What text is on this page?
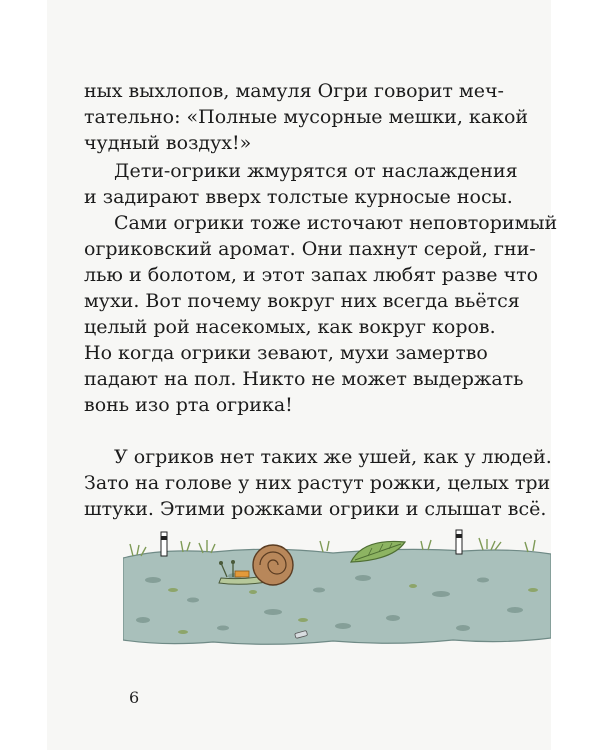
ных выхлопов, мамуля Огри говорит меч-
тательно: «Полные мусорные мешки, какой
чудный воздух!»
Дети-огрики жмурятся от наслаждения
и задирают вверх толстые курносые носы.
Сами огрики тоже источают неповторимый
огриковский аромат. Они пахнут серой, гни-
лью и болотом, и этот запах любят разве что
мухи. Вот почему вокруг них всегда вьётся
целый рой насекомых, как вокруг коров.
Но когда огрики зевают, мухи замертво
падают на пол. Никто не может выдержать
вонь изо рта огрика!
У огриков нет таких же ушей, как у людей.
Зато на голове у них растут рожки, целых три
штуки. Этими рожками огрики и слышат всё.
6
